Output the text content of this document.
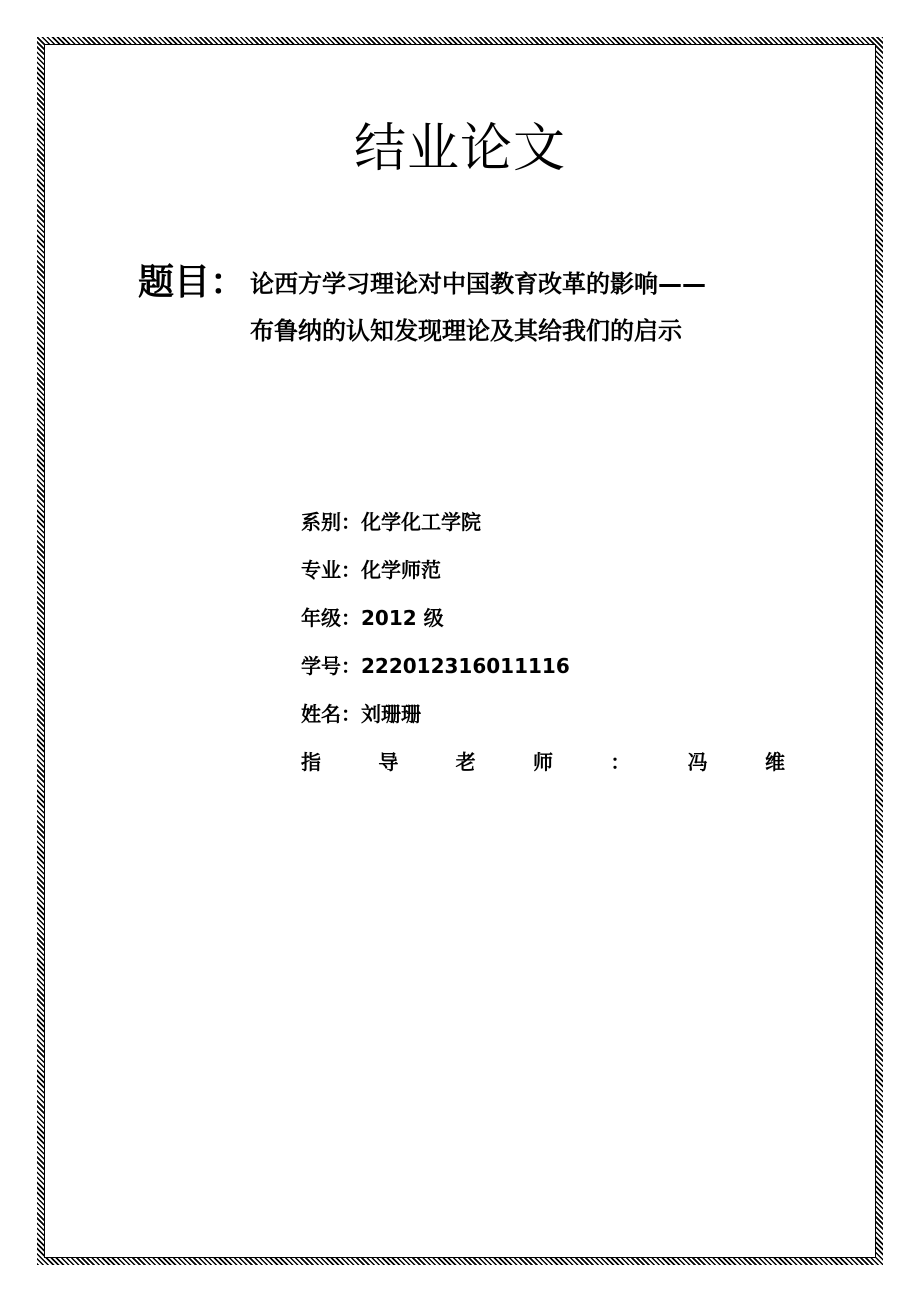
结业论文
题目： 论西方学习理论对中国教育改革的影响——
布鲁纳的认知发现理论及其给我们的启示
系别：化学化工学院
专业：化学师范
年级：2012 级
学号：222012316011116
姓名：刘珊珊
指	导	老	师	：	冯	维
